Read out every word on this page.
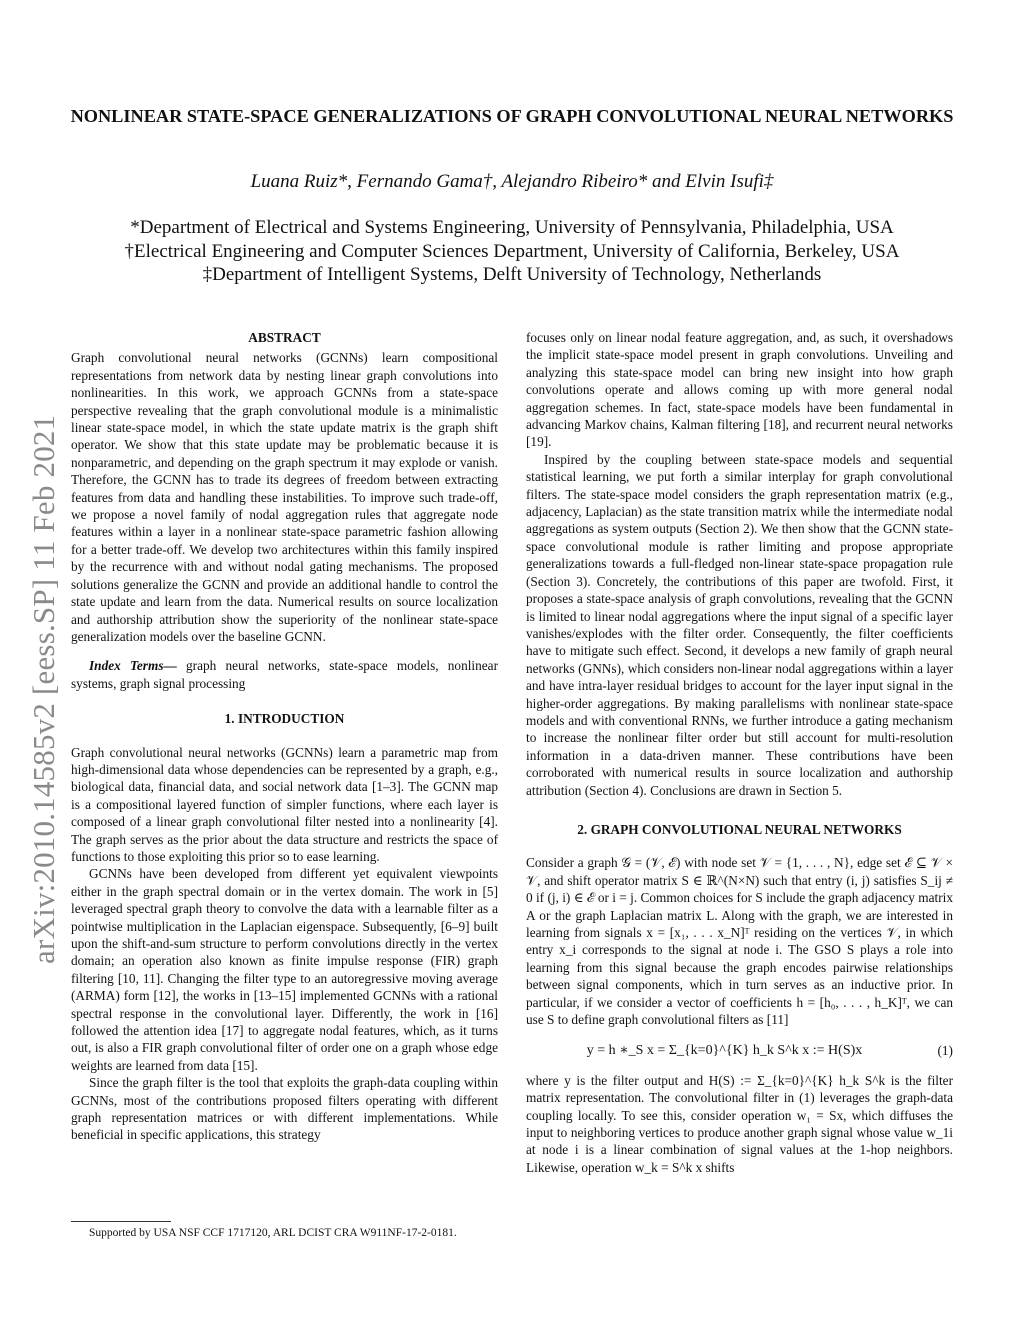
arXiv:2010.14585v2 [eess.SP] 11 Feb 2021
NONLINEAR STATE-SPACE GENERALIZATIONS OF GRAPH CONVOLUTIONAL NEURAL NETWORKS
Luana Ruiz*, Fernando Gama†, Alejandro Ribeiro* and Elvin Isufi‡
*Department of Electrical and Systems Engineering, University of Pennsylvania, Philadelphia, USA
†Electrical Engineering and Computer Sciences Department, University of California, Berkeley, USA
‡Department of Intelligent Systems, Delft University of Technology, Netherlands
ABSTRACT

Graph convolutional neural networks (GCNNs) learn compositional representations from network data by nesting linear graph convolutions into nonlinearities. In this work, we approach GCNNs from a state-space perspective revealing that the graph convolutional module is a minimalistic linear state-space model, in which the state update matrix is the graph shift operator. We show that this state update may be problematic because it is nonparametric, and depending on the graph spectrum it may explode or vanish. Therefore, the GCNN has to trade its degrees of freedom between extracting features from data and handling these instabilities. To improve such trade-off, we propose a novel family of nodal aggregation rules that aggregate node features within a layer in a nonlinear state-space parametric fashion allowing for a better trade-off. We develop two architectures within this family inspired by the recurrence with and without nodal gating mechanisms. The proposed solutions generalize the GCNN and provide an additional handle to control the state update and learn from the data. Numerical results on source localization and authorship attribution show the superiority of the nonlinear state-space generalization models over the baseline GCNN.

Index Terms— graph neural networks, state-space models, nonlinear systems, graph signal processing

1. INTRODUCTION

Graph convolutional neural networks (GCNNs) learn a parametric map from high-dimensional data whose dependencies can be represented by a graph, e.g., biological data, financial data, and social network data [1–3]. The GCNN map is a compositional layered function of simpler functions, where each layer is composed of a linear graph convolutional filter nested into a nonlinearity [4]. The graph serves as the prior about the data structure and restricts the space of functions to those exploiting this prior so to ease learning.

GCNNs have been developed from different yet equivalent viewpoints either in the graph spectral domain or in the vertex domain. The work in [5] leveraged spectral graph theory to convolve the data with a learnable filter as a pointwise multiplication in the Laplacian eigenspace. Subsequently, [6–9] built upon the shift-and-sum structure to perform convolutions directly in the vertex domain; an operation also known as finite impulse response (FIR) graph filtering [10, 11]. Changing the filter type to an autoregressive moving average (ARMA) form [12], the works in [13–15] implemented GCNNs with a rational spectral response in the convolutional layer. Differently, the work in [16] followed the attention idea [17] to aggregate nodal features, which, as it turns out, is also a FIR graph convolutional filter of order one on a graph whose edge weights are learned from data [15].

Since the graph filter is the tool that exploits the graph-data coupling within GCNNs, most of the contributions proposed filters operating with different graph representation matrices or with different implementations. While beneficial in specific applications, this strategy

focuses only on linear nodal feature aggregation, and, as such, it overshadows the implicit state-space model present in graph convolutions. Unveiling and analyzing this state-space model can bring new insight into how graph convolutions operate and allows coming up with more general nodal aggregation schemes. In fact, state-space models have been fundamental in advancing Markov chains, Kalman filtering [18], and recurrent neural networks [19].

Inspired by the coupling between state-space models and sequential statistical learning, we put forth a similar interplay for graph convolutional filters. The state-space model considers the graph representation matrix (e.g., adjacency, Laplacian) as the state transition matrix while the intermediate nodal aggregations as system outputs (Section 2). We then show that the GCNN state-space convolutional module is rather limiting and propose appropriate generalizations towards a full-fledged non-linear state-space propagation rule (Section 3). Concretely, the contributions of this paper are twofold. First, it proposes a state-space analysis of graph convolutions, revealing that the GCNN is limited to linear nodal aggregations where the input signal of a specific layer vanishes/explodes with the filter order. Consequently, the filter coefficients have to mitigate such effect. Second, it develops a new family of graph neural networks (GNNs), which considers non-linear nodal aggregations within a layer and have intra-layer residual bridges to account for the layer input signal in the higher-order aggregations. By making parallelisms with nonlinear state-space models and with conventional RNNs, we further introduce a gating mechanism to increase the nonlinear filter order but still account for multi-resolution information in a data-driven manner. These contributions have been corroborated with numerical results in source localization and authorship attribution (Section 4). Conclusions are drawn in Section 5.

2. GRAPH CONVOLUTIONAL NEURAL NETWORKS

Consider a graph 𝒢 = (𝒱, ℰ) with node set 𝒱 = {1, . . . , N}, edge set ℰ ⊆ 𝒱 × 𝒱, and shift operator matrix S ∈ ℝ^(N×N) such that entry (i, j) satisfies S_ij ≠ 0 if (j, i) ∈ ℰ or i = j. Common choices for S include the graph adjacency matrix A or the graph Laplacian matrix L. Along with the graph, we are interested in learning from signals x = [x₁, . . . x_N]ᵀ residing on the vertices 𝒱, in which entry x_i corresponds to the signal at node i. The GSO S plays a role into learning from this signal because the graph encodes pairwise relationships between signal components, which in turn serves as an inductive prior. In particular, if we consider a vector of coefficients h = [h₀, . . . , h_K]ᵀ, we can use S to define graph convolutional filters as [11]

y = h ∗_S x = Σ_{k=0}^{K} h_k S^k x := H(S)x	(1)

where y is the filter output and H(S) := Σ_{k=0}^{K} h_k S^k is the filter matrix representation. The convolutional filter in (1) leverages the graph-data coupling locally. To see this, consider operation w₁ = Sx, which diffuses the input to neighboring vertices to produce another graph signal whose value w_1i at node i is a linear combination of signal values at the 1-hop neighbors. Likewise, operation w_k = S^k x shifts

Supported by USA NSF CCF 1717120, ARL DCIST CRA W911NF-17-2-0181.
